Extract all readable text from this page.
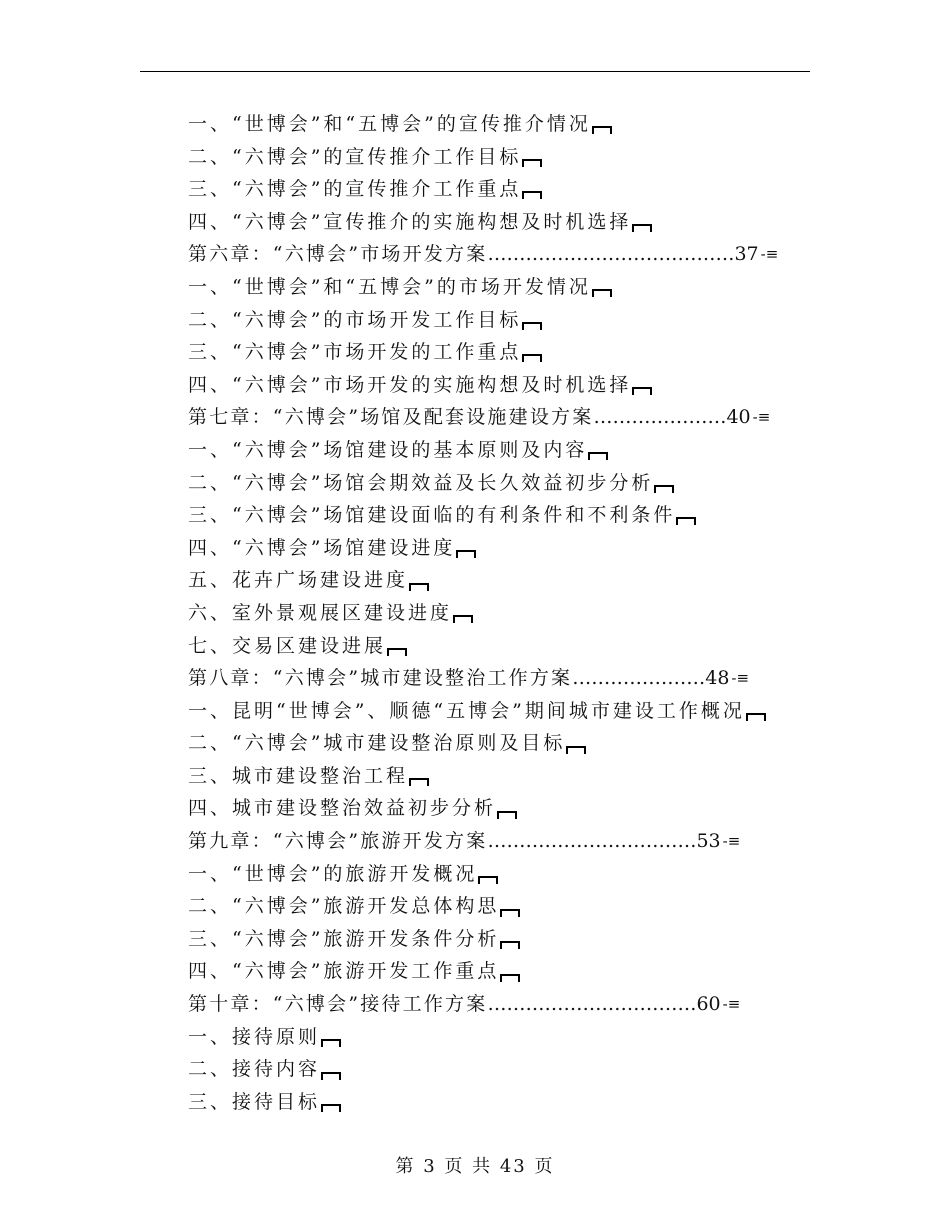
一、“世博会”和“五博会”的宣传推介情况
二、“六博会”的宣传推介工作目标
三、“六博会”的宣传推介工作重点
四、“六博会”宣传推介的实施构想及时机选择
第六章：“六博会”市场开发方案 ………………………………… 37 -≡
一、“世博会”和“五博会”的市场开发情况
二、“六博会”的市场开发工作目标
三、“六博会”市场开发的工作重点
四、“六博会”市场开发的实施构想及时机选择
第七章：“六博会”场馆及配套设施建设方案 ………………… 40 -≡
一、“六博会”场馆建设的基本原则及内容
二、“六博会”场馆会期效益及长久效益初步分析
三、“六博会”场馆建设面临的有利条件和不利条件
四、“六博会”场馆建设进度
五、花卉广场建设进度
六、室外景观展区建设进度
七、交易区建设进展
第八章：“六博会”城市建设整治工作方案 ………………… 48 -≡
一、昆明“世博会”、顺德“五博会”期间城市建设工作概况
二、“六博会”城市建设整治原则及目标
三、城市建设整治工程
四、城市建设整治效益初步分析
第九章：“六博会”旅游开发方案 …………………………… 53 -≡
一、“世博会”的旅游开发概况
二、“六博会”旅游开发总体构思
三、“六博会”旅游开发条件分析
四、“六博会”旅游开发工作重点
第十章：“六博会”接待工作方案 …………………………… 60 -≡
一、接待原则
二、接待内容
三、接待目标
第 3 页 共 43 页
